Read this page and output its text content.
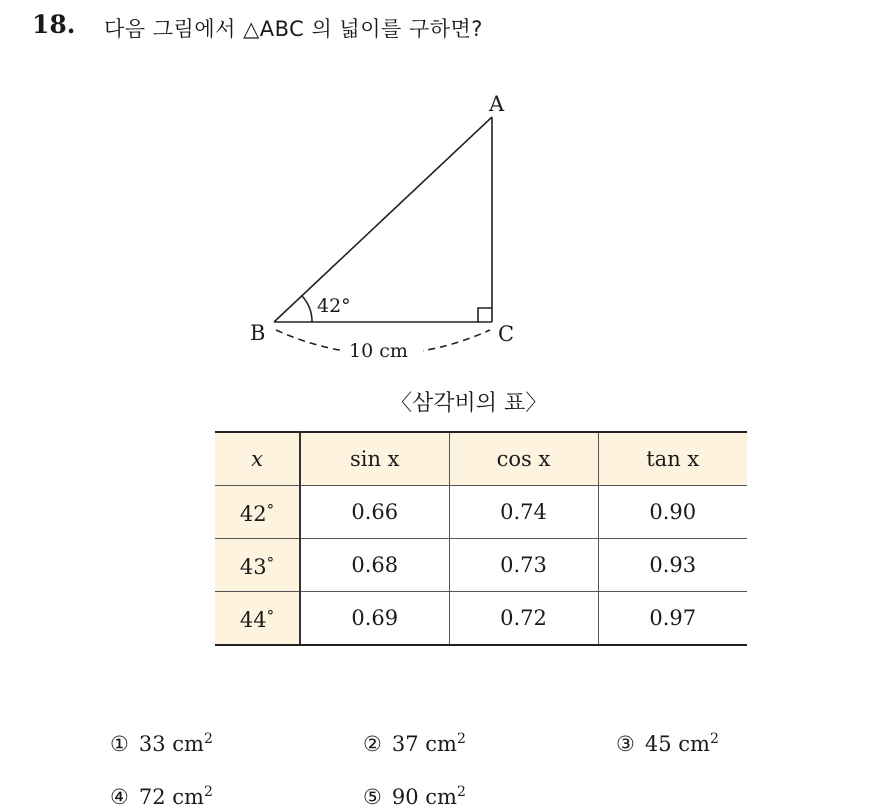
18. 다음 그림에서 △ABC 의 넓이를 구하면?
A
B	C
42°
10 cm
〈삼각비의 표〉
x	sin x	cos x	tan x
42°	0.66	0.74	0.90
43°	0.68	0.73	0.93
44°	0.69	0.72	0.97
① 33 $cm^2$	② 37 $cm^2$	③ 45 $cm^2$
④ 72 $cm^2$	⑤ 90 $cm^2$
